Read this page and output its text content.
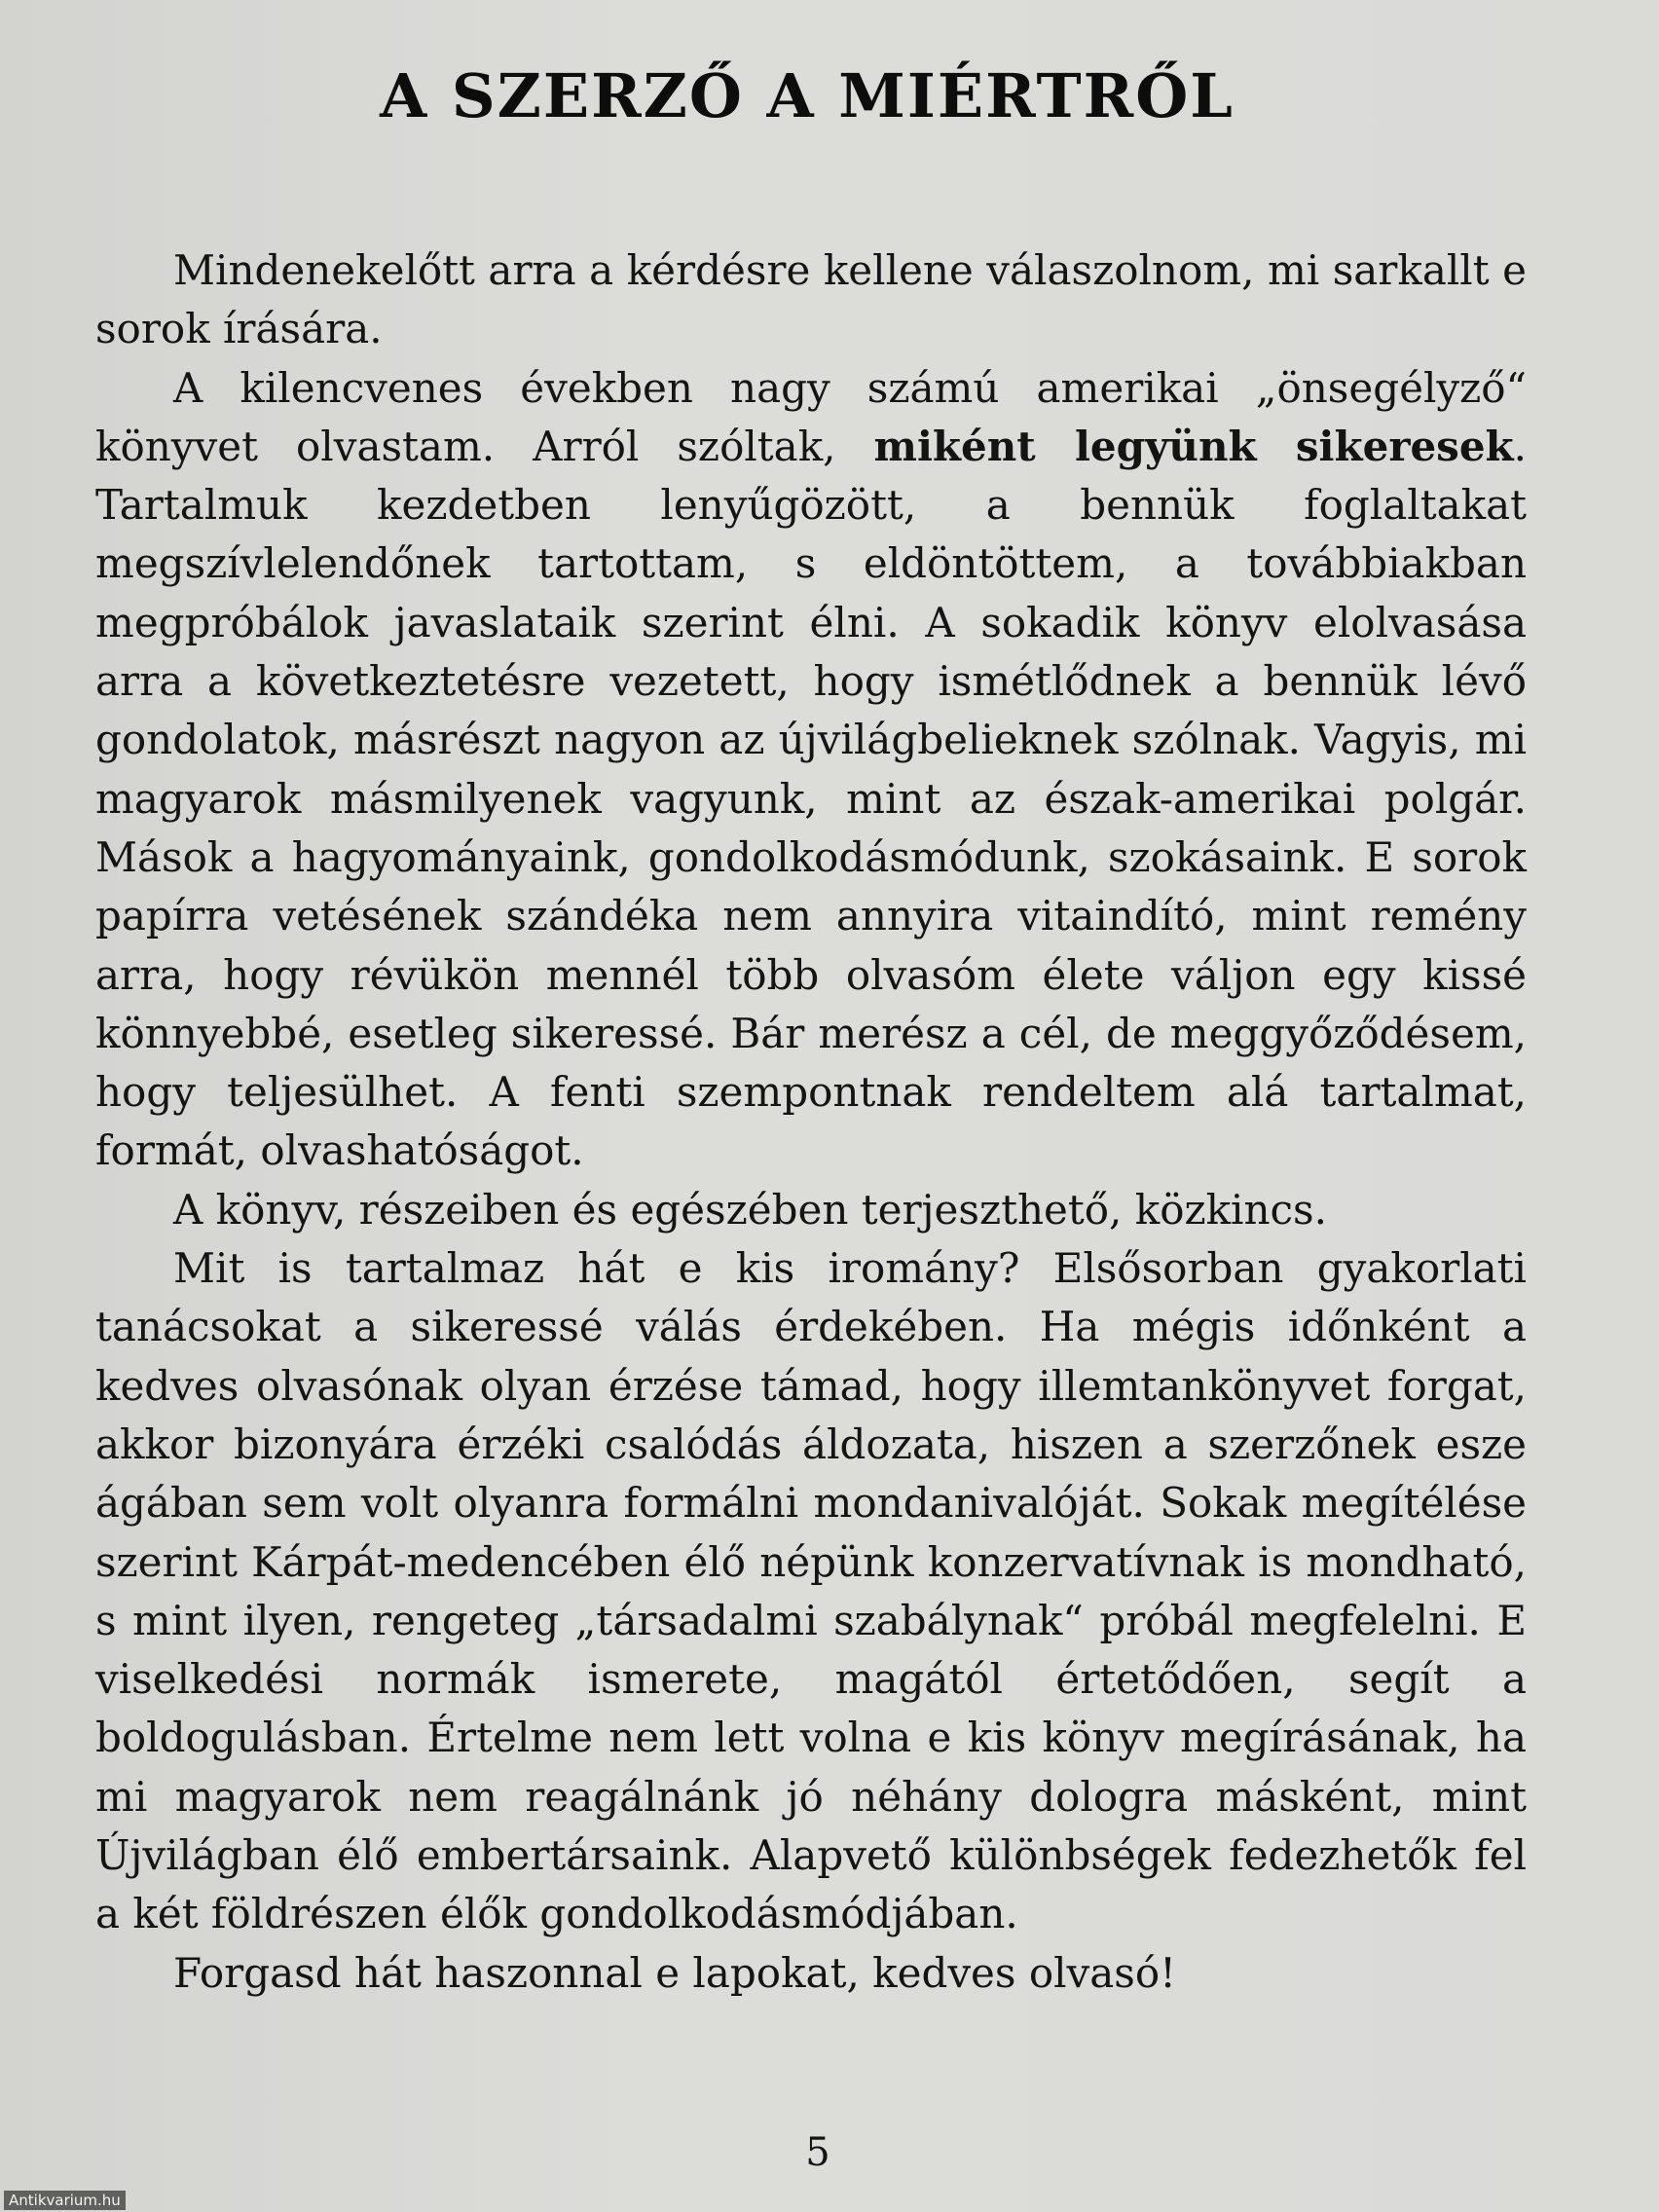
A SZERZŐ A MIÉRTRŐL

Mindenekelőtt arra a kérdésre kellene válaszolnom, mi sarkallt e sorok írására.

A kilencvenes években nagy számú amerikai „önsegélyző“ könyvet olvastam. Arról szóltak, miként legyünk sikeresek. Tartalmuk kezdetben lenyűgözött, a bennük foglaltakat megszívlelendőnek tartottam, s eldöntöttem, a továbbiakban megpróbálok javaslataik szerint élni. A sokadik könyv elolvasása arra a következtetésre vezetett, hogy ismétlődnek a bennük lévő gondolatok, másrészt nagyon az újvilágbelieknek szólnak. Vagyis, mi magyarok másmilyenek vagyunk, mint az észak-amerikai polgár. Mások a hagyományaink, gondolkodásmódunk, szokásaink. E sorok papírra vetésének szándéka nem annyira vitaindító, mint remény arra, hogy révükön mennél több olvasóm élete váljon egy kissé könnyebbé, esetleg sikeressé. Bár merész a cél, de meggyőződésem, hogy teljesülhet. A fenti szempontnak rendeltem alá tartalmat, formát, olvashatóságot.

A könyv, részeiben és egészében terjeszthető, közkincs.

Mit is tartalmaz hát e kis iromány? Elsősorban gyakorlati tanácsokat a sikeressé válás érdekében. Ha mégis időnként a kedves olvasónak olyan érzése támad, hogy illemtankönyvet forgat, akkor bizonyára érzéki csalódás áldozata, hiszen a szerzőnek esze ágában sem volt olyanra formálni mondanivalóját. Sokak megítélése szerint Kárpát-medencében élő népünk konzervatívnak is mondható, s mint ilyen, rengeteg „társadalmi szabálynak“ próbál megfelelni. E viselkedési normák ismerete, magától értetődően, segít a boldogulásban. Értelme nem lett volna e kis könyv megírásának, ha mi magyarok nem reagálnánk jó néhány dologra másként, mint Újvilágban élő embertársaink. Alapvető különbségek fedezhetők fel a két földrészen élők gondolkodásmódjában.

Forgasd hát haszonnal e lapokat, kedves olvasó!

5
Antikvarium.hu
